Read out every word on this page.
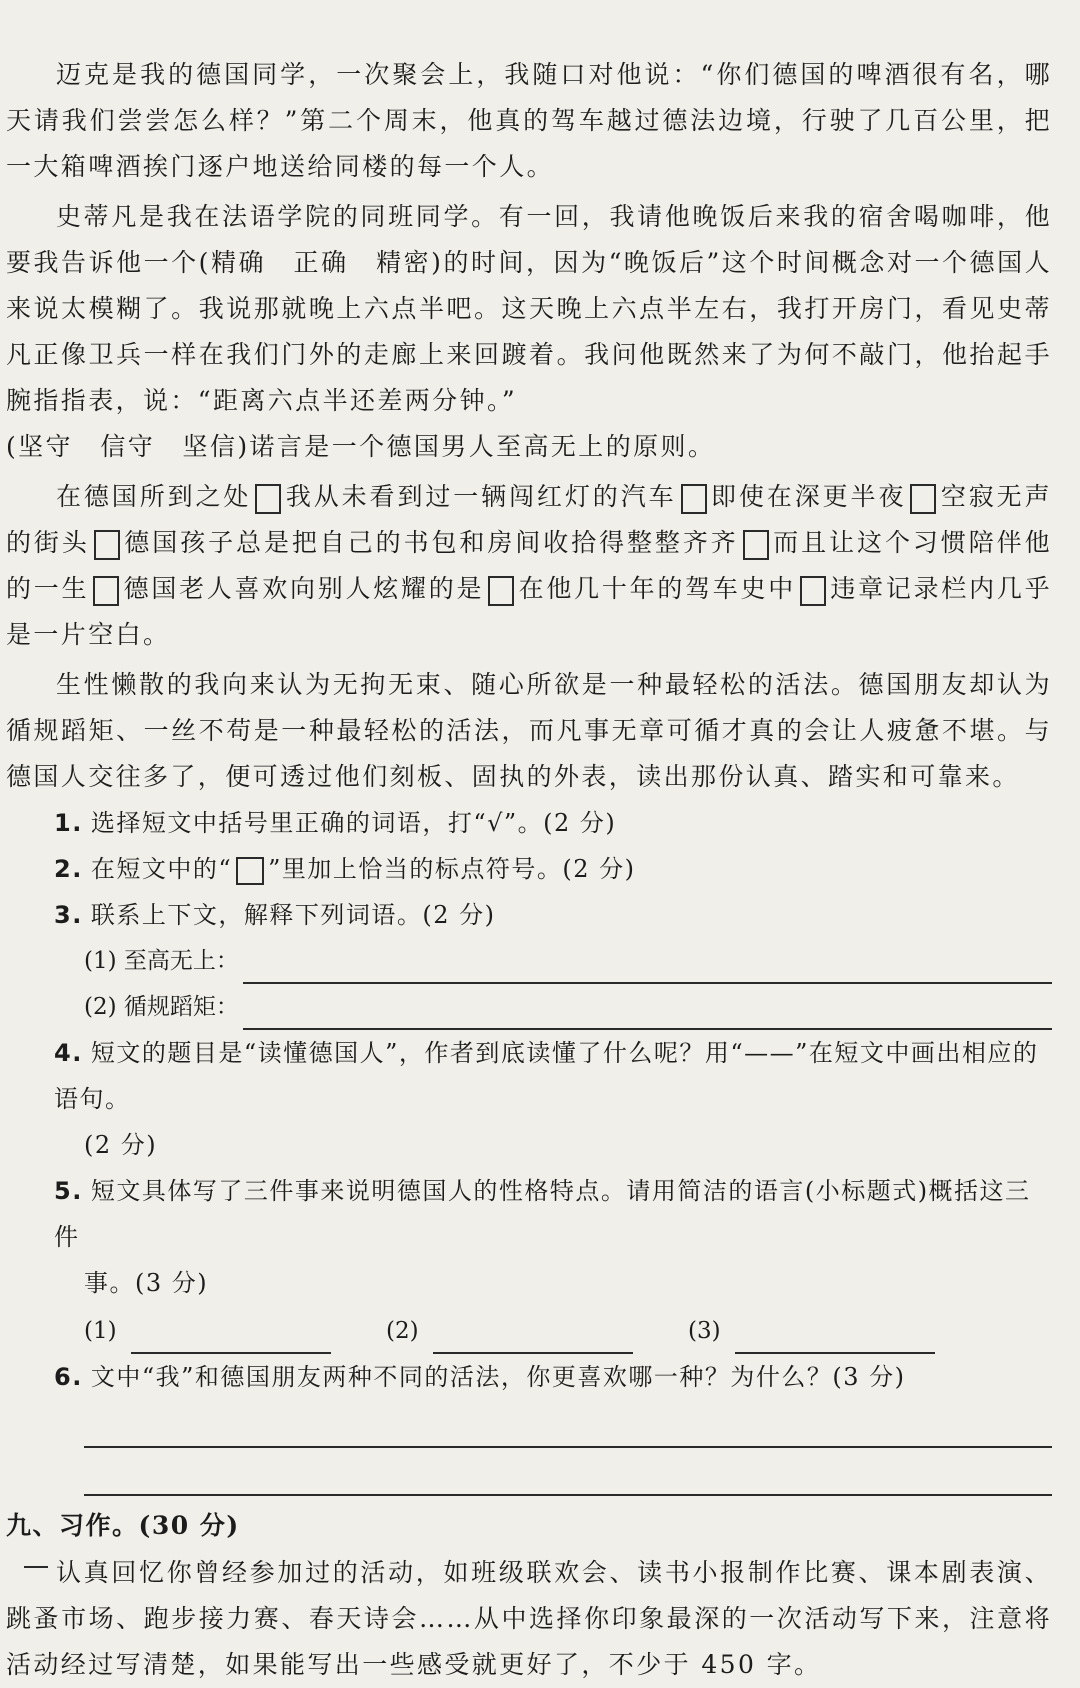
迈克是我的德国同学，一次聚会上，我随口对他说：“你们德国的啤酒很有名，哪天请我们尝尝怎么样？”第二个周末，他真的驾车越过德法边境，行驶了几百公里，把一大箱啤酒挨门逐户地送给同楼的每一个人。

史蒂凡是我在法语学院的同班同学。有一回，我请他晚饭后来我的宿舍喝咖啡，他要我告诉他一个(精确　正确　精密)的时间，因为“晚饭后”这个时间概念对一个德国人来说太模糊了。我说那就晚上六点半吧。这天晚上六点半左右，我打开房门，看见史蒂凡正像卫兵一样在我们门外的走廊上来回踱着。我问他既然来了为何不敲门，他抬起手腕指指表，说：“距离六点半还差两分钟。”
(坚守　信守　坚信)诺言是一个德国男人至高无上的原则。

在德国所到之处 我从未看到过一辆闯红灯的汽车 即使在深更半夜 空寂无声的街头 德国孩子总是把自己的书包和房间收拾得整整齐齐 而且让这个习惯陪伴他的一生 德国老人喜欢向别人炫耀的是 在他几十年的驾车史中 违章记录栏内几乎是一片空白。

生性懒散的我向来认为无拘无束、随心所欲是一种最轻松的活法。德国朋友却认为循规蹈矩、一丝不苟是一种最轻松的活法，而凡事无章可循才真的会让人疲惫不堪。与德国人交往多了，便可透过他们刻板、固执的外表，读出那份认真、踏实和可靠来。

1. 选择短文中括号里正确的词语，打“√”。(2 分)

2. 在短文中的“ ”里加上恰当的标点符号。(2 分)

3. 联系上下文，解释下列词语。(2 分)

(1) 至高无上：
(2) 循规蹈矩：

4. 短文的题目是“读懂德国人”，作者到底读懂了什么呢？用“——”在短文中画出相应的语句。

(2 分)

5. 短文具体写了三件事来说明德国人的性格特点。请用简洁的语言(小标题式)概括这三件

事。(3 分)

(1)	(2)	(3)

6. 文中“我”和德国朋友两种不同的活法，你更喜欢哪一种？为什么？(3 分)

九、习作。(30 分)

认真回忆你曾经参加过的活动，如班级联欢会、读书小报制作比赛、课本剧表演、跳蚤市场、跑步接力赛、春天诗会……从中选择你印象最深的一次活动写下来，注意将活动经过写清楚，如果能写出一些感受就更好了，不少于 450 字。
